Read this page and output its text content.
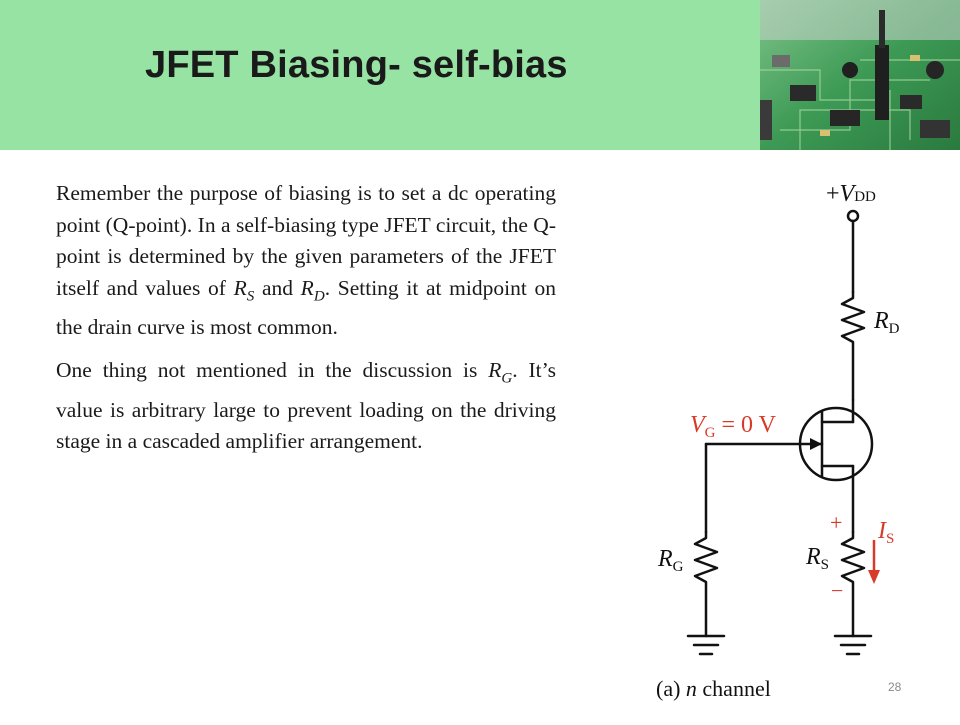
JFET Biasing- self-bias

Remember the purpose of biasing is to set a dc operating point (Q-point). In a self-biasing type JFET circuit, the Q-point is determined by the given parameters of the JFET itself and values of $R_S$ and $R_D$. Setting it at midpoint on the drain curve is most common.

One thing not mentioned in the discussion is $R_G$. It’s value is arbitrary large to prevent loading on the driving stage in a cascaded amplifier arrangement.

+VDD
$R_D$
$V_G = 0$ V
$R_G$	$R_S$
$I_S$
+
−
(a) n channel	28
